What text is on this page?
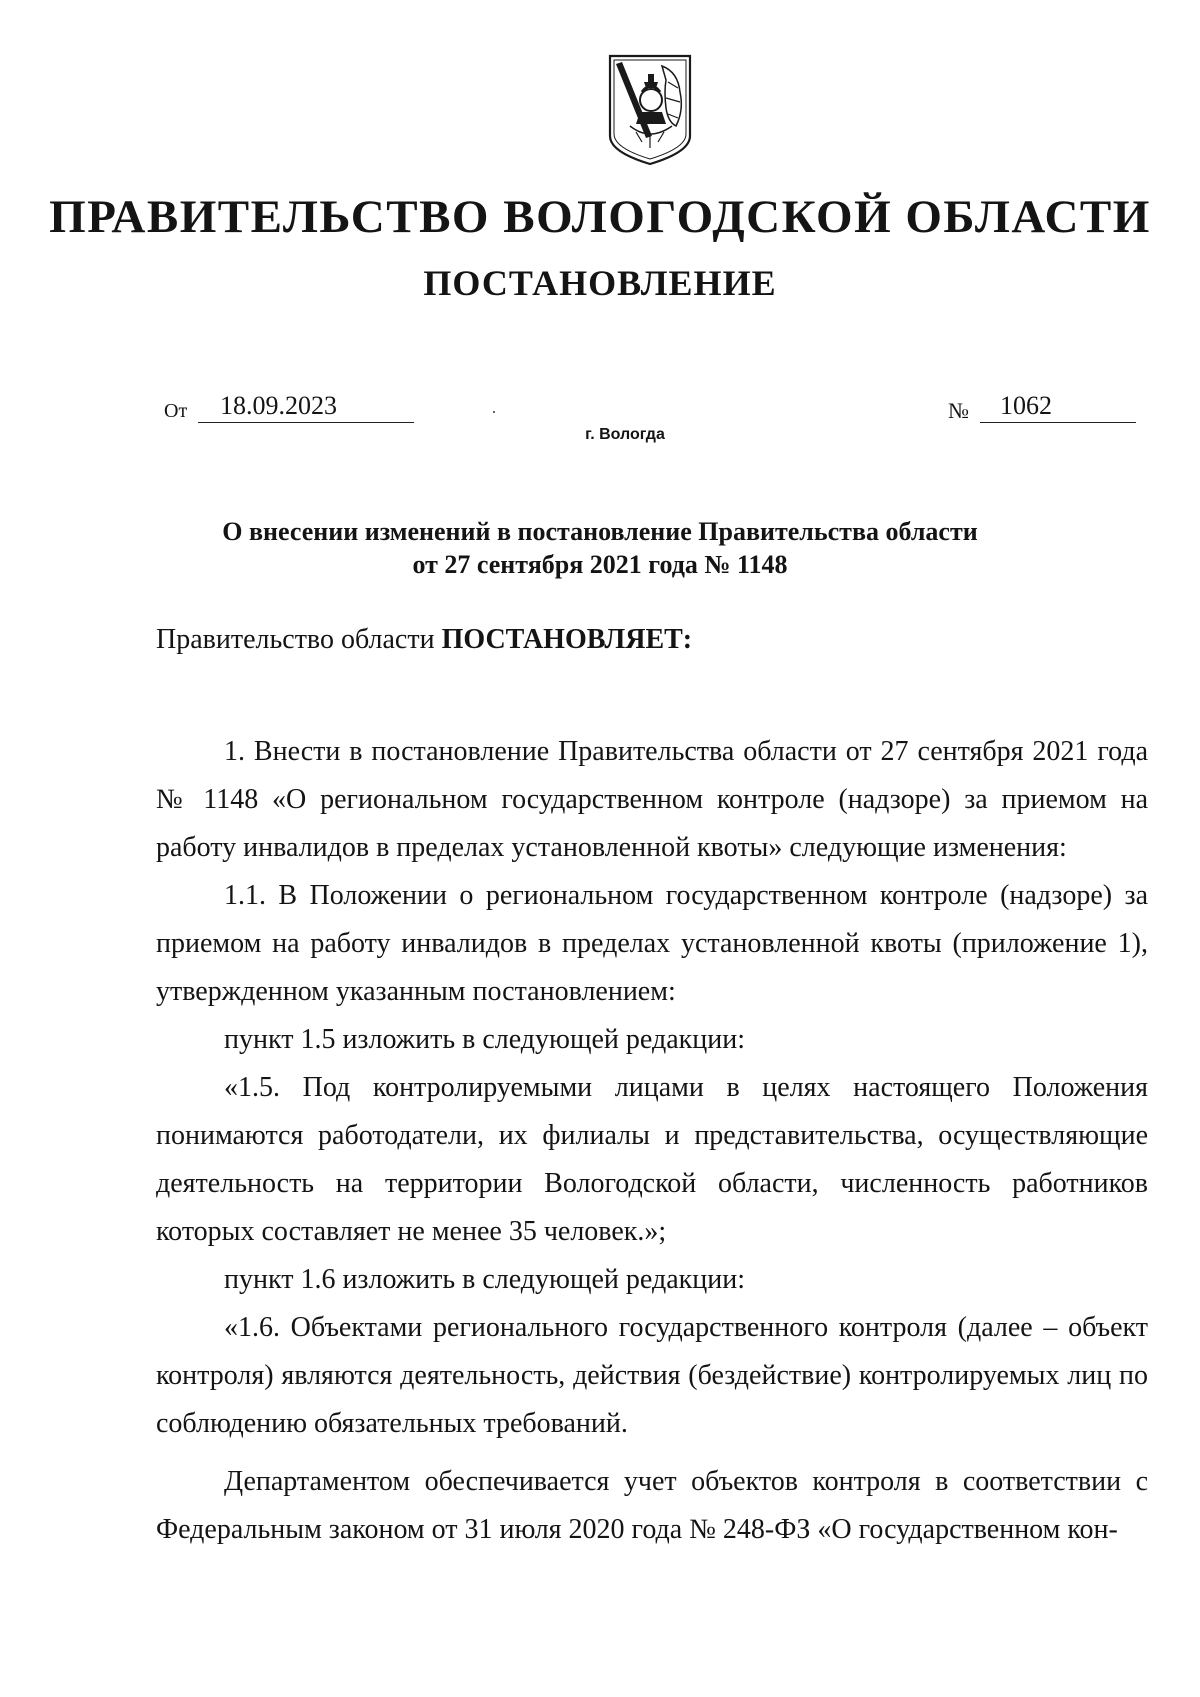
ПРАВИТЕЛЬСТВО ВОЛОГОДСКОЙ ОБЛАСТИ
ПОСТАНОВЛЕНИЕ
От	18.09.2023	№	1062
г. Вологда
О внесении изменений в постановление Правительства области
от 27 сентября 2021 года № 1148
Правительство области ПОСТАНОВЛЯЕТ:

1. Внести в постановление Правительства области от 27 сентября 2021 года № 1148 «О региональном государственном контроле (надзоре) за приемом на работу инвалидов в пределах установленной квоты» следующие изменения:

1.1. В Положении о региональном государственном контроле (надзоре) за приемом на работу инвалидов в пределах установленной квоты (приложение 1), утвержденном указанным постановлением:

пункт 1.5 изложить в следующей редакции:

«1.5. Под контролируемыми лицами в целях настоящего Положения понимаются работодатели, их филиалы и представительства, осуществляющие деятельность на территории Вологодской области, численность работников которых составляет не менее 35 человек.»;

пункт 1.6 изложить в следующей редакции:

«1.6. Объектами регионального государственного контроля (далее – объект контроля) являются деятельность, действия (бездействие) контролируемых лиц по соблюдению обязательных требований.

Департаментом обеспечивается учет объектов контроля в соответствии с Федеральным законом от 31 июля 2020 года № 248-ФЗ «О государственном кон-
